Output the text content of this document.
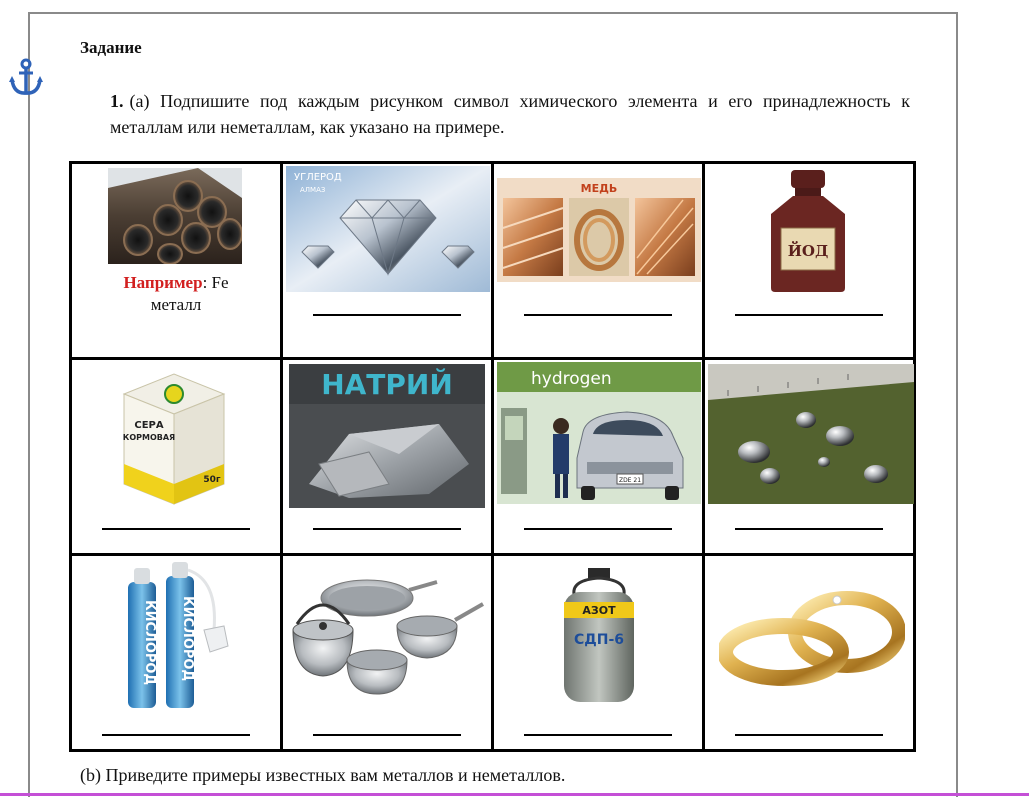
Задание
1. (а) Подпишите под каждым рисунком символ химического элемента и его принадлежность к металлам или неметаллам, как указано на примере.
Например: Fe
металл	УГЛЕРОД
АЛМАЗ	МЕДЬ	ЙОД

СЕРА
КОРМОВАЯ
50г	НАТРИЙ	hydrogen
ZDE 21

КИСЛОРОД КИСЛОРОД		АЗОТ
СДП-6

(b) Приведите примеры известных вам металлов и неметаллов.
